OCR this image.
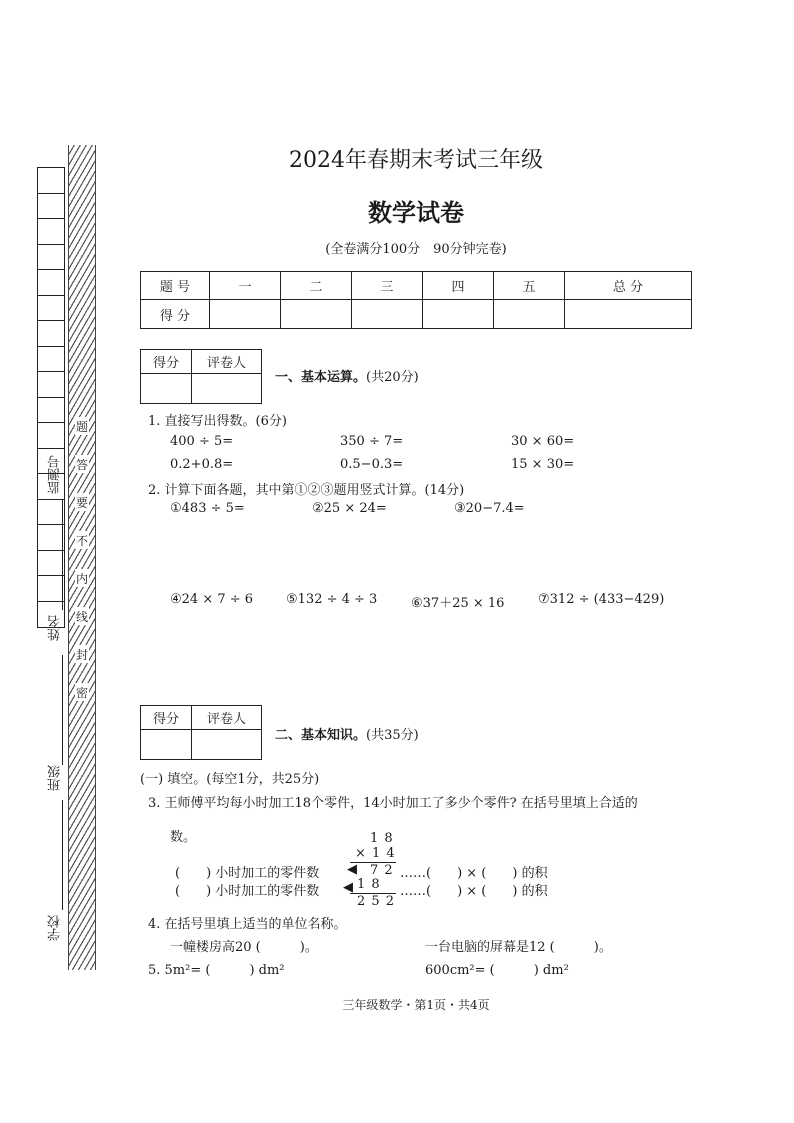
题
答
要
不
内
线
封
密
监测号
姓名
班级
学校
2024年春期末考试三年级
数学试卷
(全卷满分100分　90分钟完卷)
题 号	一	二	三	四	五	总 分
得 分						
得分	评卷人

一、基本运算。(共20分)
1. 直接写出得数。(6分)
400 ÷ 5=	350 ÷ 7=	30 × 60=
0.2+0.8=	0.5−0.3=	15 × 30=
2. 计算下面各题，其中第①②③题用竖式计算。(14分)
①483 ÷ 5=	②25 × 24=	③20−7.4=
④24 × 7 ÷ 6	⑤132 ÷ 4 ÷ 3	⑥37＋25 × 16	⑦312 ÷ (433−429)
得分	评卷人

二、基本知识。(共35分)
(一) 填空。(每空1分，共25分)
3. 王师傅平均每小时加工18个零件，14小时加工了多少个零件? 在括号里填上合适的
数。	1 8
× 1 4
7 2
1 8
2 5 2
(　　) 小时加工的零件数 ◀	……(　　) × (　　) 的积
(　　) 小时加工的零件数 ◀	……(　　) × (　　) 的积
4. 在括号里填上适当的单位名称。
一幢楼房高20 (　　　)。	一台电脑的屏幕是12 (　　　)。
5. 5m²= (　　　) dm²	600cm²= (　　　) dm²
三年级数学・第1页・共4页
